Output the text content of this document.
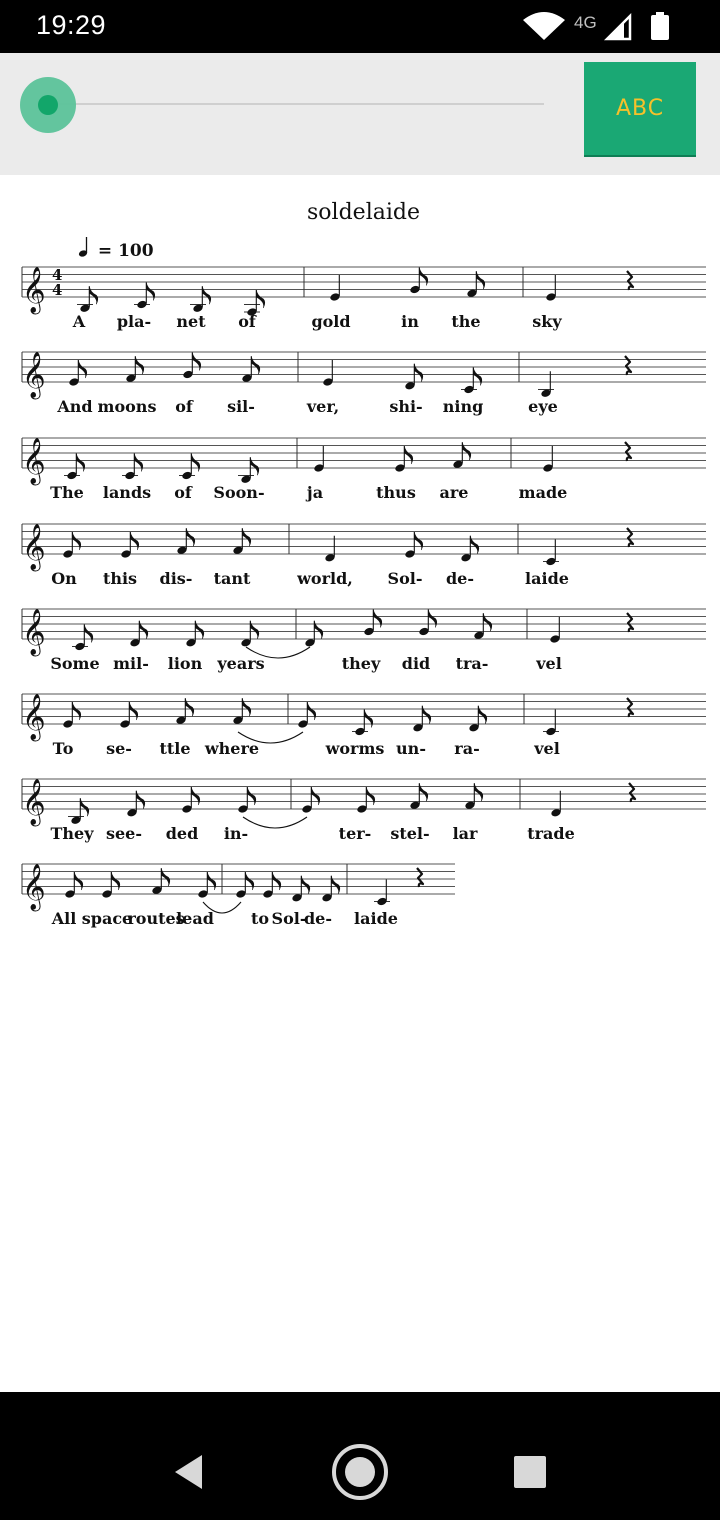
19:29	4G
ABC
soldelaide
= 100
𝄞 4
4
A pla- net of	gold	in the	sky
𝄞
And moons of sil-	ver,	shi- ning	eye
𝄞
The lands of Soon-	ja	thus are	made
𝄞
On this dis- tant	world, Sol- de-	laide
𝄞
Some mil- lion years	they did tra-	vel
𝄞
To se- ttle where	worms un- ra-	vel
𝄞
They see- ded in-	ter- stel- lar	trade
𝄞
All space
routes
lead to Sol-
de- laide
